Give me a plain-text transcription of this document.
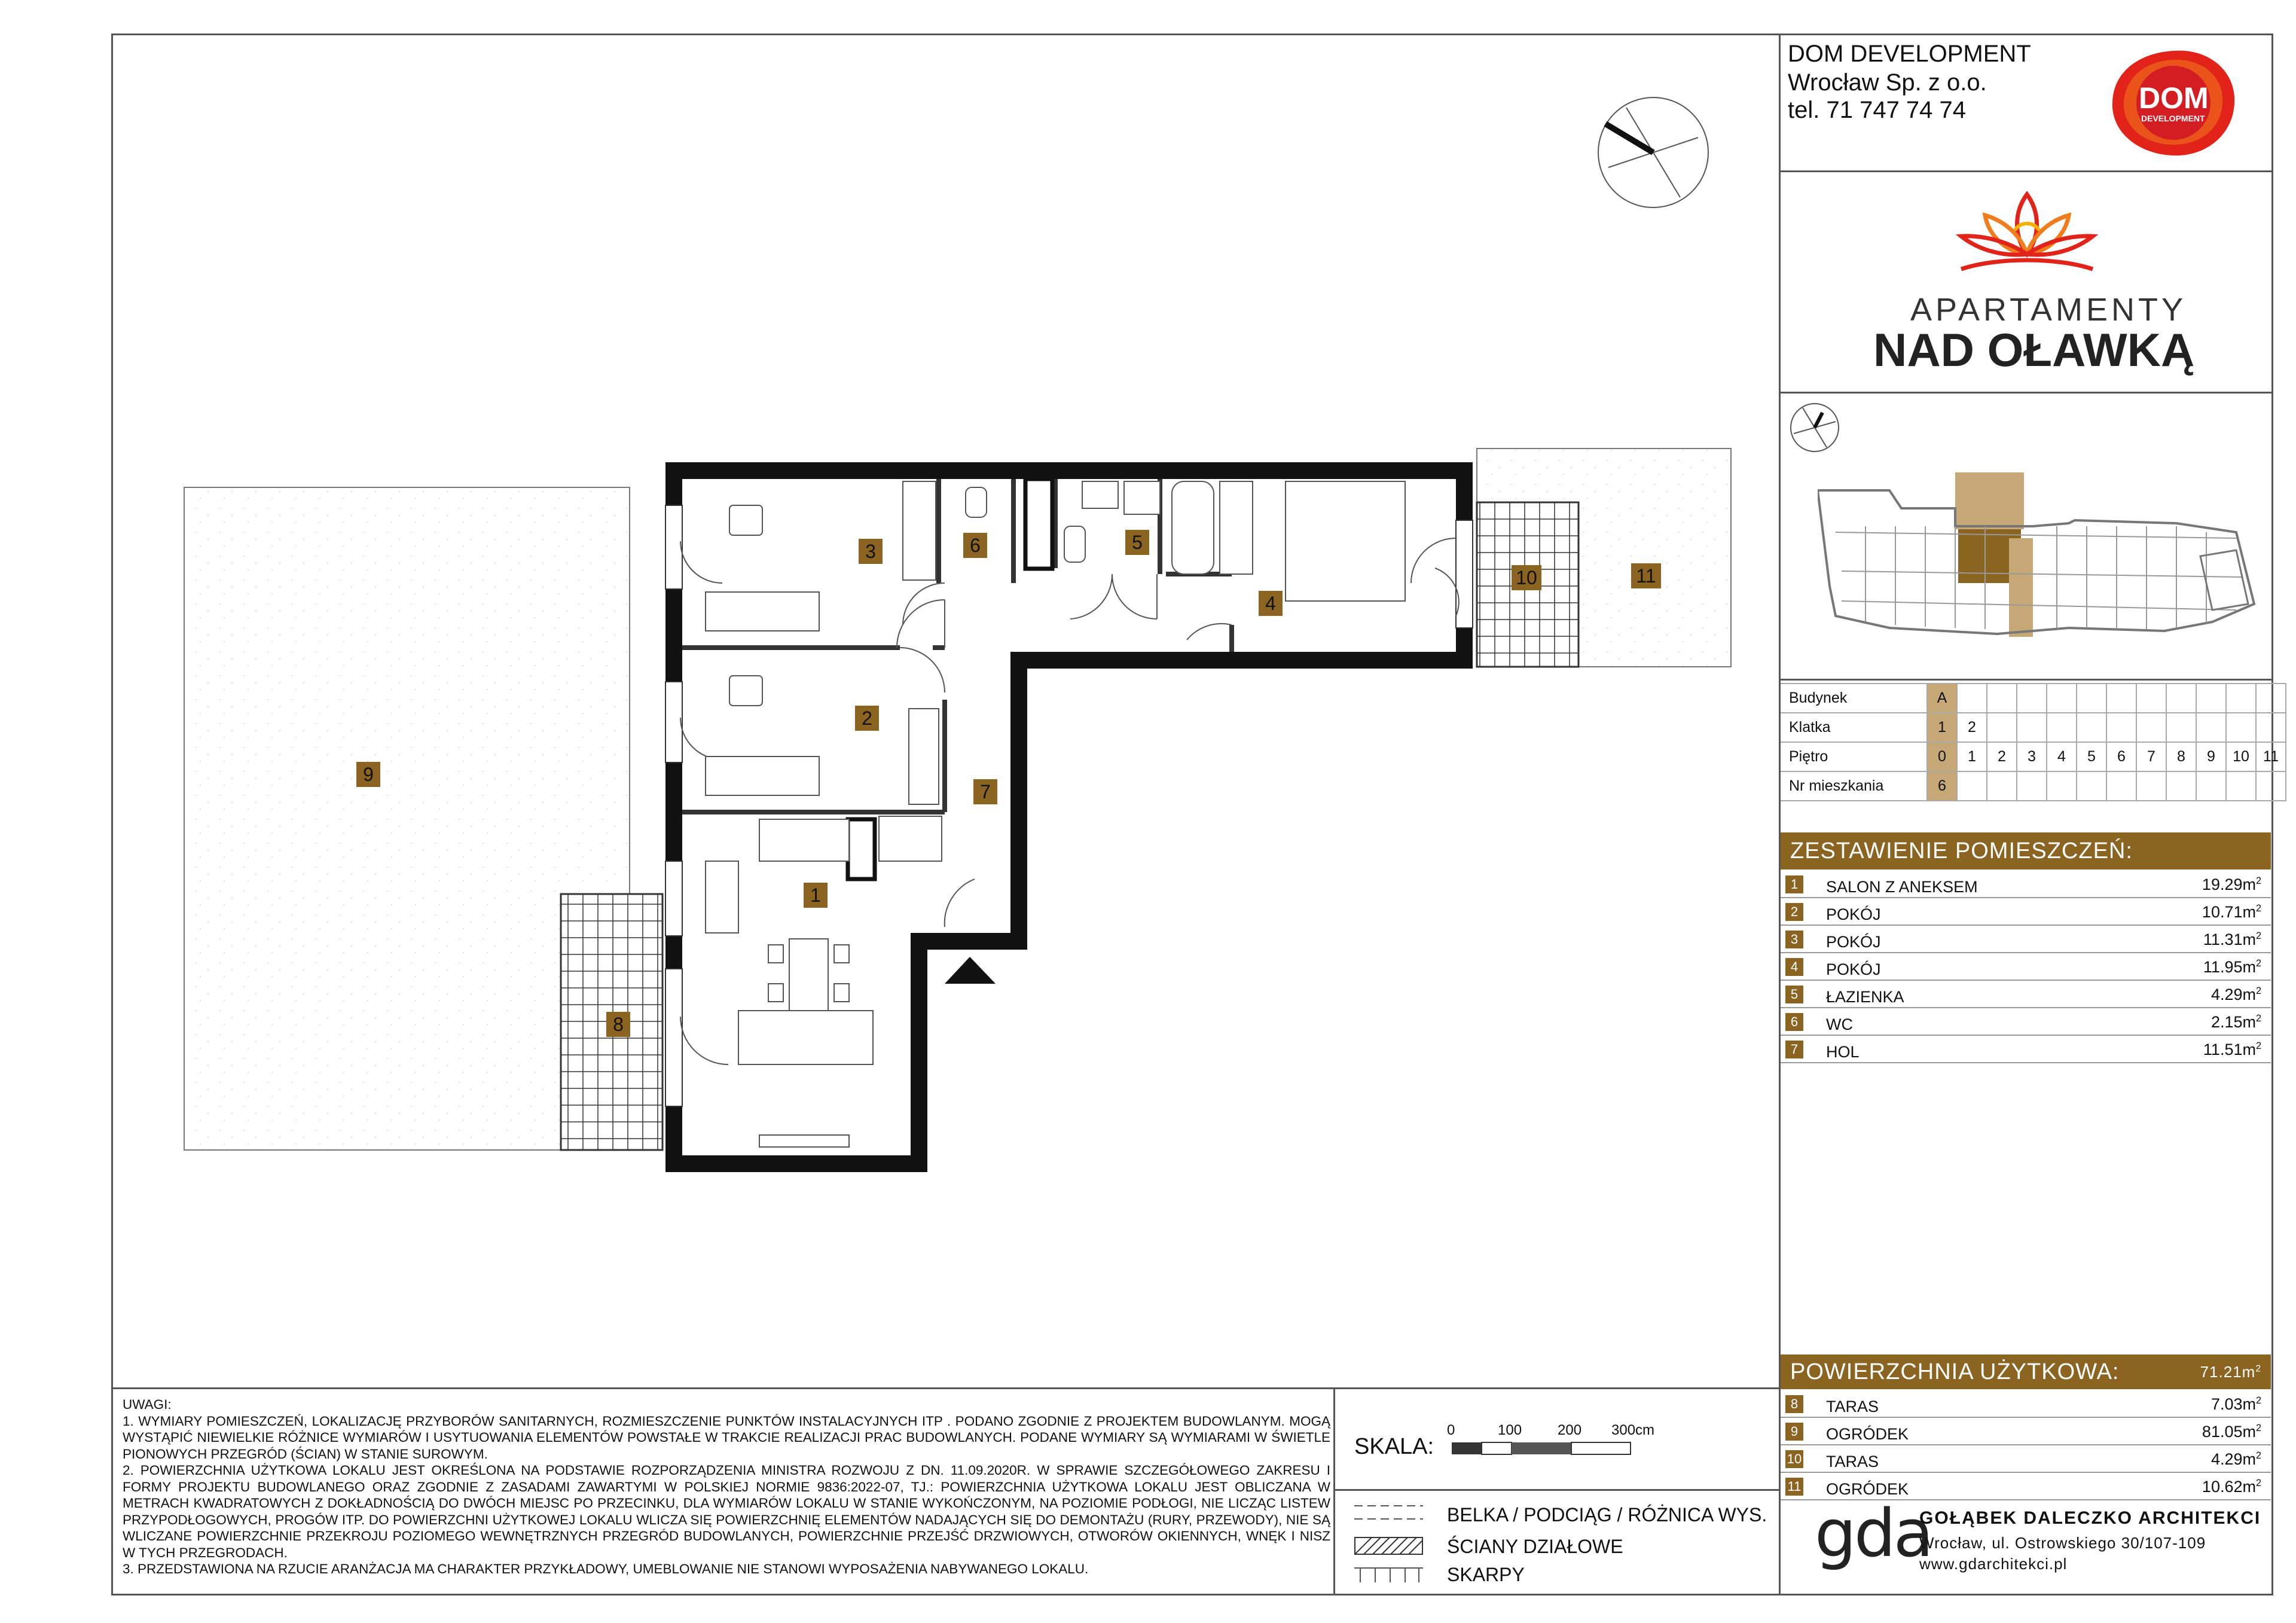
DOM DEVELOPMENT
Wrocław Sp. z o.o.
tel. 71 747 74 74	DOM
DEVELOPMENT
APARTAMENTY
NAD OŁAWKĄ
Budynek	A											
Klatka	1	2										
Piętro	0	1	2	3	4	5	6	7	8	9	10	11
Nr mieszkania	6											
ZESTAWIENIE POMIESZCZEŃ:
1	SALON Z ANEKSEM	$19.29m^2$
2	POKÓJ	$10.71m^2$
3	POKÓJ	$11.31m^2$
4	POKÓJ	$11.95m^2$
5	ŁAZIENKA	$4.29m^2$
6	WC	$2.15m^2$
7	HOL	$11.51m^2$
POWIERZCHNIA UŻYTKOWA:	$71.21m^2$
8	TARAS	$7.03m^2$
9	OGRÓDEK	$81.05m^2$
10 TARAS	$4.29m^2$
11 OGRÓDEK	$10.62m^2$

UWAGI:

1. WYMIARY POMIESZCZEŃ, LOKALIZACJĘ PRZYBORÓW SANITARNYCH, ROZMIESZCZENIE PUNKTÓW INSTALACYJNYCH ITP . PODANO ZGODNIE Z PROJEKTEM BUDOWLANYM. MOGĄ WYSTĄPIĆ NIEWIELKIE RÓŻNICE WYMIARÓW I USYTUOWANIA ELEMENTÓW POWSTAŁE W TRAKCIE REALIZACJI PRAC BUDOWLANYCH. PODANE WYMIARY SĄ WYMIARAMI W ŚWIETLE PIONOWYCH PRZEGRÓD (ŚCIAN) W STANIE SUROWYM.

2. POWIERZCHNIA UŻYTKOWA LOKALU JEST OKREŚLONA NA PODSTAWIE ROZPORZĄDZENIA MINISTRA ROZWOJU Z DN. 11.09.2020R. W SPRAWIE SZCZEGÓŁOWEGO ZAKRESU I FORMY PROJEKTU BUDOWLANEGO ORAZ ZGODNIE Z ZASADAMI ZAWARTYMI W POLSKIEJ NORMIE 9836:2022-07, TJ.: POWIERZCHNIA UŻYTKOWA LOKALU JEST OBLICZANA W METRACH KWADRATOWYCH Z DOKŁADNOŚCIĄ DO DWÓCH MIEJSC PO PRZECINKU, DLA WYMIARÓW LOKALU W STANIE WYKOŃCZONYM, NA POZIOMIE PODŁOGI, NIE LICZĄC LISTEW PRZYPODŁOGOWYCH, PROGÓW ITP. DO POWIERZCHNI UŻYTKOWEJ LOKALU WLICZA SIĘ POWIERZCHNIĘ ELEMENTÓW NADAJĄCYCH SIĘ DO DEMONTAŻU (RURY, PRZEWODY), NIE SĄ WLICZANE POWIERZCHNIE PRZEKROJU POZIOMEGO WEWNĘTRZNYCH PRZEGRÓD BUDOWLANYCH, POWIERZCHNIE PRZEJŚĆ DRZWIOWYCH, OTWORÓW OKIENNYCH, WNĘK I NISZ W TYCH PRZEGRODACH.

3. PRZEDSTAWIONA NA RZUCIE ARANŻACJA MA CHARAKTER PRZYKŁADOWY, UMEBLOWANIE NIE STANOWI WYPOSAŻENIA NABYWANEGO LOKALU.

SKALA:
0	100 200 300cm
BELKA / PODCIĄG / RÓŻNICA WYS.
ŚCIANY DZIAŁOWE
SKARPY
gda
GOŁĄBEK DALECZKO ARCHITEKCI
Wrocław, ul. Ostrowskiego 30/107-109
www.gdarchitekci.pl
1
2
3
4
5
6
7
8
9
10	11
